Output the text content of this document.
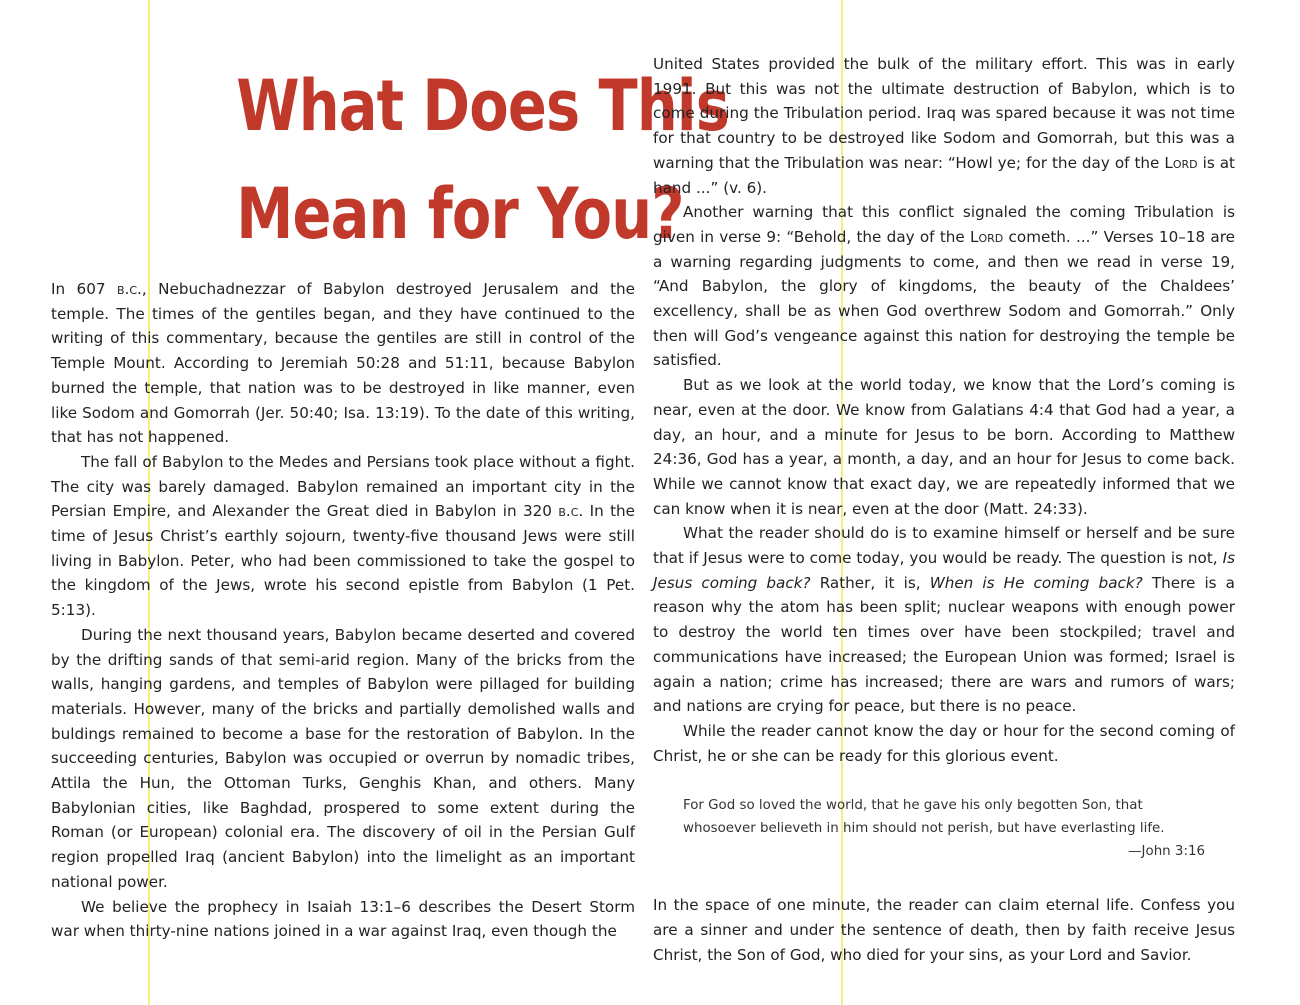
What Does This
Mean for You?

In 607 b.c., Nebuchadnezzar of Babylon destroyed Jerusalem and the temple. The times of the gentiles began, and they have continued to the writing of this commentary, because the gentiles are still in control of the Temple Mount. According to Jeremiah 50:28 and 51:11, because Babylon burned the temple, that nation was to be destroyed in like manner, even like Sodom and Gomorrah (Jer. 50:40; Isa. 13:19). To the date of this writing, that has not happened.

The fall of Babylon to the Medes and Persians took place without a fight. The city was barely damaged. Babylon remained an important city in the Persian Empire, and Alexander the Great died in Babylon in 320 b.c. In the time of Jesus Christ’s earthly sojourn, twenty-five thousand Jews were still living in Babylon. Peter, who had been commissioned to take the gospel to the kingdom of the Jews, wrote his second epistle from Babylon (1 Pet. 5:13).

During the next thousand years, Babylon became deserted and covered by the drifting sands of that semi-arid region. Many of the bricks from the walls, hanging gardens, and temples of Babylon were pillaged for building materials. However, many of the bricks and partially demolished walls and buldings remained to become a base for the restoration of Babylon. In the succeeding centuries, Babylon was occupied or overrun by nomadic tribes, Attila the Hun, the Ottoman Turks, Genghis Khan, and others. Many Babylonian cities, like Baghdad, prospered to some extent during the Roman (or European) colonial era. The discovery of oil in the Persian Gulf region propelled Iraq (ancient Babylon) into the limelight as an important national power.

We believe the prophecy in Isaiah 13:1–6 describes the Desert Storm war when thirty-nine nations joined in a war against Iraq, even though the

United States provided the bulk of the military effort. This was in early 1991. But this was not the ultimate destruction of Babylon, which is to come during the Tribulation period. Iraq was spared because it was not time for that country to be destroyed like Sodom and Gomorrah, but this was a warning that the Tribulation was near: “Howl ye; for the day of the Lord is at hand ...” (v. 6).

Another warning that this conflict signaled the coming Tribulation is given in verse 9: “Behold, the day of the Lord cometh. ...” Verses 10–18 are a warning regarding judgments to come, and then we read in verse 19, “And Babylon, the glory of kingdoms, the beauty of the Chaldees’ excellency, shall be as when God overthrew Sodom and Gomorrah.” Only then will God’s vengeance against this nation for destroying the temple be satisfied.

But as we look at the world today, we know that the Lord’s coming is near, even at the door. We know from Galatians 4:4 that God had a year, a day, an hour, and a minute for Jesus to be born. According to Matthew 24:36, God has a year, a month, a day, and an hour for Jesus to come back. While we cannot know that exact day, we are repeatedly informed that we can know when it is near, even at the door (Matt. 24:33).

What the reader should do is to examine himself or herself and be sure that if Jesus were to come today, you would be ready. The question is not, Is Jesus coming back? Rather, it is, When is He coming back? There is a reason why the atom has been split; nuclear weapons with enough power to destroy the world ten times over have been stockpiled; travel and communications have increased; the European Union was formed; Israel is again a nation; crime has increased; there are wars and rumors of wars; and nations are crying for peace, but there is no peace.

While the reader cannot know the day or hour for the second coming of Christ, he or she can be ready for this glorious event.

For God so loved the world, that he gave his only begotten Son, that whosoever believeth in him should not perish, but have everlasting life.
—John 3:16

In the space of one minute, the reader can claim eternal life. Confess you are a sinner and under the sentence of death, then by faith receive Jesus Christ, the Son of God, who died for your sins, as your Lord and Savior.
